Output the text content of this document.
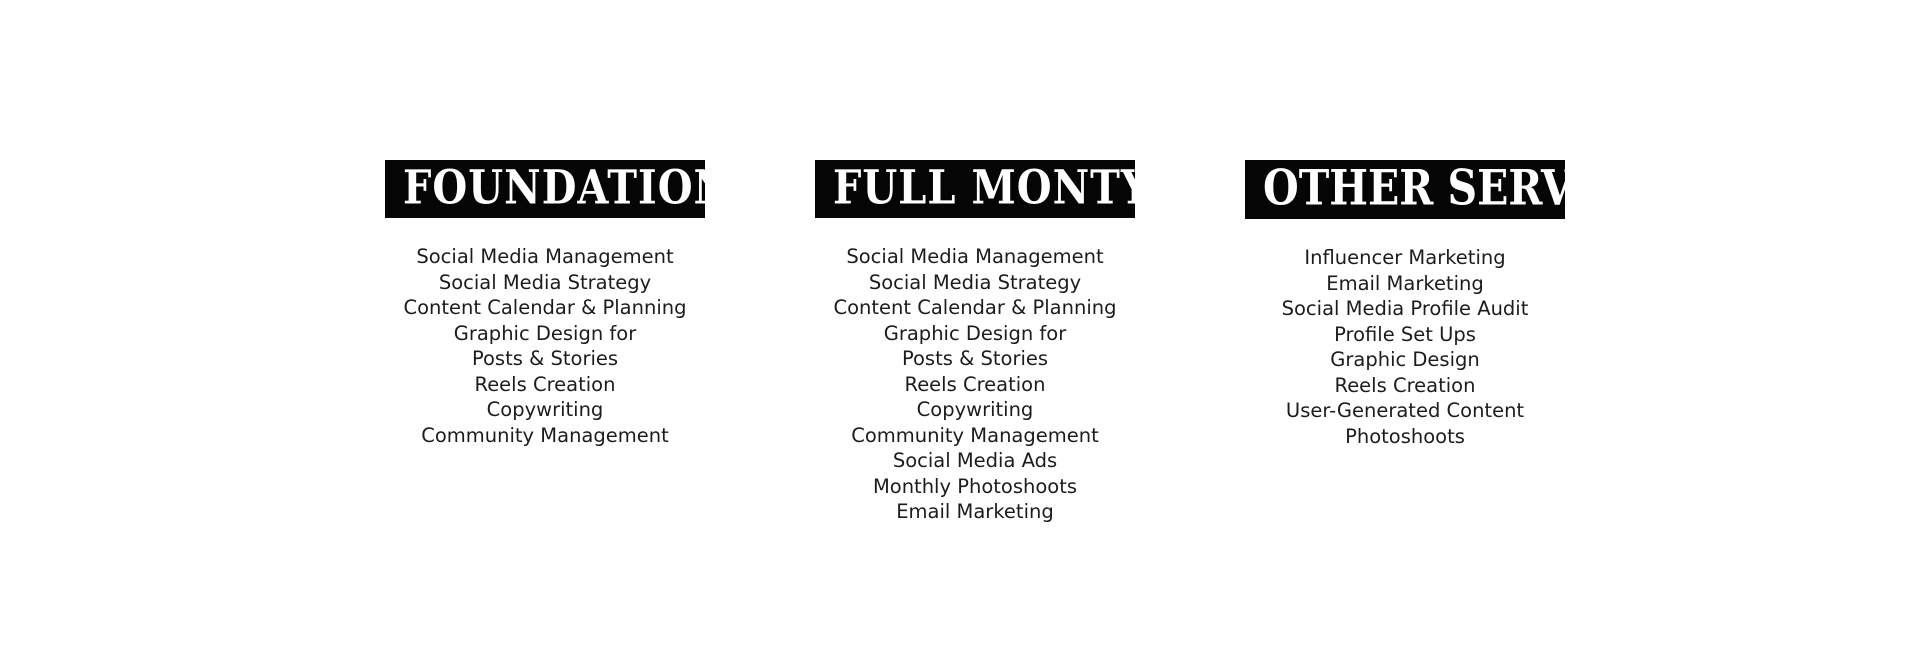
FOUNDATION
Social Media Management
Social Media Strategy
Content Calendar & Planning
Graphic Design for
Posts & Stories
Reels Creation
Copywriting
Community Management
FULL MONTY
Social Media Management
Social Media Strategy
Content Calendar & Planning
Graphic Design for
Posts & Stories
Reels Creation
Copywriting
Community Management
Social Media Ads
Monthly Photoshoots
Email Marketing
OTHER SERVICES
Influencer Marketing
Email Marketing
Social Media Profile Audit
Profile Set Ups
Graphic Design
Reels Creation
User-Generated Content
Photoshoots
